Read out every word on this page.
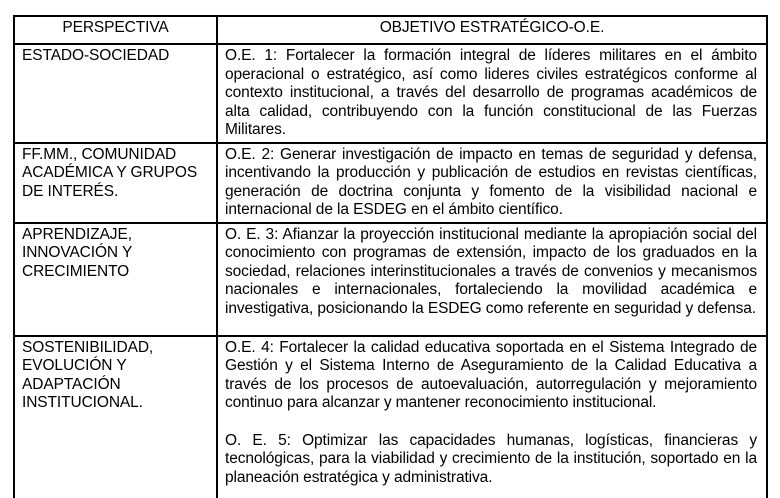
PERSPECTIVA	OBJETIVO ESTRATÉGICO-O.E.
ESTADO-SOCIEDAD	O.E. 1: Fortalecer la formación integral de líderes militares en el ámbito operacional o estratégico, así como lideres civiles estratégicos conforme al contexto institucional, a través del desarrollo de programas académicos de alta calidad, contribuyendo con la función constitucional de las Fuerzas Militares.

FF.MM., COMUNIDAD ACADÉMICA Y GRUPOS DE INTERÉS.	O.E. 2: Generar investigación de impacto en temas de seguridad y defensa, incentivando la producción y publicación de estudios en revistas científicas, generación de doctrina conjunta y fomento de la visibilidad nacional e internacional de la ESDEG en el ámbito científico.

APRENDIZAJE, INNOVACIÓN Y CRECIMIENTO	O. E. 3: Afianzar la proyección institucional mediante la apropiación social del conocimiento con programas de extensión, impacto de los graduados en la sociedad, relaciones interinstitucionales a través de convenios y mecanismos nacionales e internacionales, fortaleciendo la movilidad académica e investigativa, posicionando la ESDEG como referente en seguridad y defensa.

SOSTENIBILIDAD, EVOLUCIÓN Y ADAPTACIÓN INSTITUCIONAL.	O.E. 4: Fortalecer la calidad educativa soportada en el Sistema Integrado de Gestión y el Sistema Interno de Aseguramiento de la Calidad Educativa a través de los procesos de autoevaluación, autorregulación y mejoramiento continuo para alcanzar y mantener reconocimiento institucional.

O. E. 5: Optimizar las capacidades humanas, logísticas, financieras y tecnológicas, para la viabilidad y crecimiento de la institución, soportado en la planeación estratégica y administrativa.
